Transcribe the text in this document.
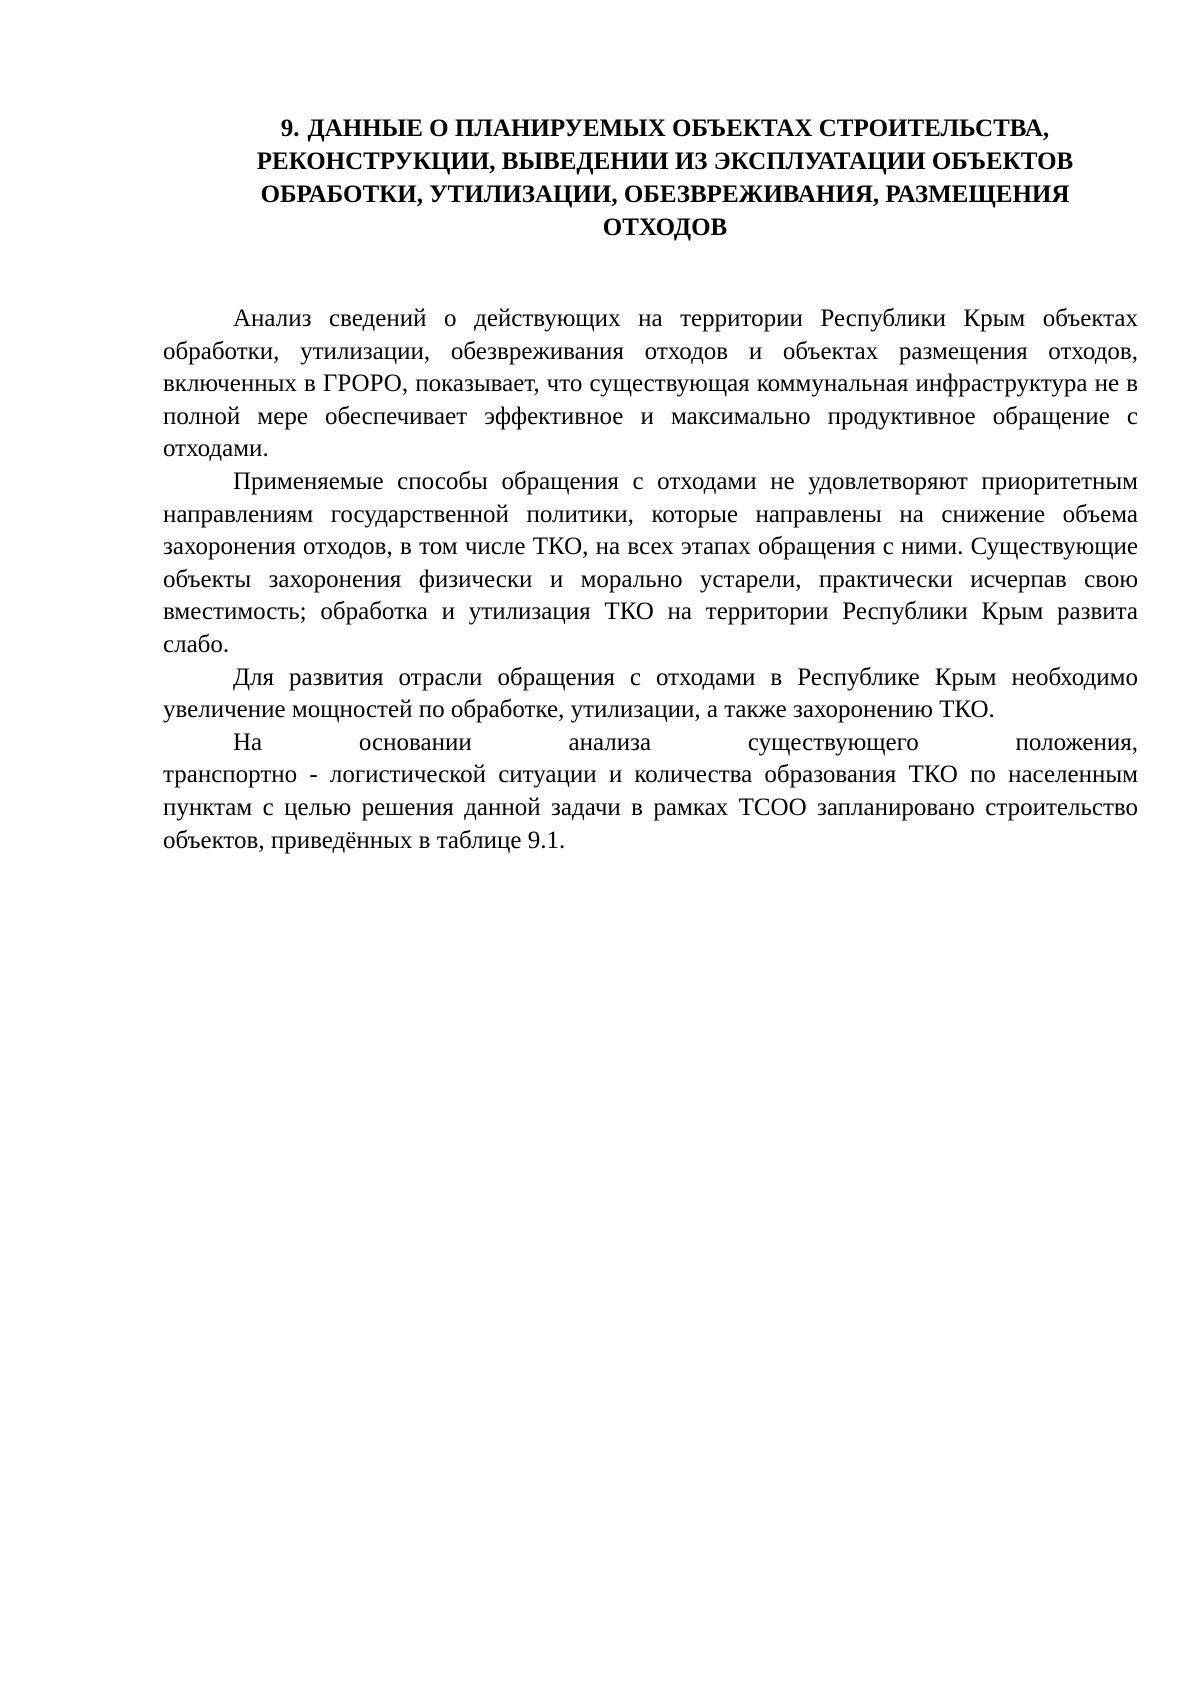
9. ДАННЫЕ О ПЛАНИРУЕМЫХ ОБЪЕКТАХ СТРОИТЕЛЬСТВА, РЕКОНСТРУКЦИИ, ВЫВЕДЕНИИ ИЗ ЭКСПЛУАТАЦИИ ОБЪЕКТОВ ОБРАБОТКИ, УТИЛИЗАЦИИ, ОБЕЗВРЕЖИВАНИЯ, РАЗМЕЩЕНИЯ ОТХОДОВ

Анализ сведений о действующих на территории Республики Крым объектах обработки, утилизации, обезвреживания отходов и объектах размещения отходов, включенных в ГРОРО, показывает, что существующая коммунальная инфраструктура не в полной мере обеспечивает эффективное и максимально продуктивное обращение с отходами.

Применяемые способы обращения с отходами не удовлетворяют приоритетным направлениям государственной политики, которые направлены на снижение объема захоронения отходов, в том числе ТКО, на всех этапах обращения с ними. Существующие объекты захоронения физически и морально устарели, практически исчерпав свою вместимость; обработка и утилизация ТКО на территории Республики Крым развита слабо.

Для развития отрасли обращения с отходами в Республике Крым необходимо увеличение мощностей по обработке, утилизации, а также захоронению ТКО.

На основании анализа существующего положения,

транспортно - логистической ситуации и количества образования ТКО по населенным пунктам с целью решения данной задачи в рамках ТСОО запланировано строительство объектов, приведённых в таблице 9.1.
